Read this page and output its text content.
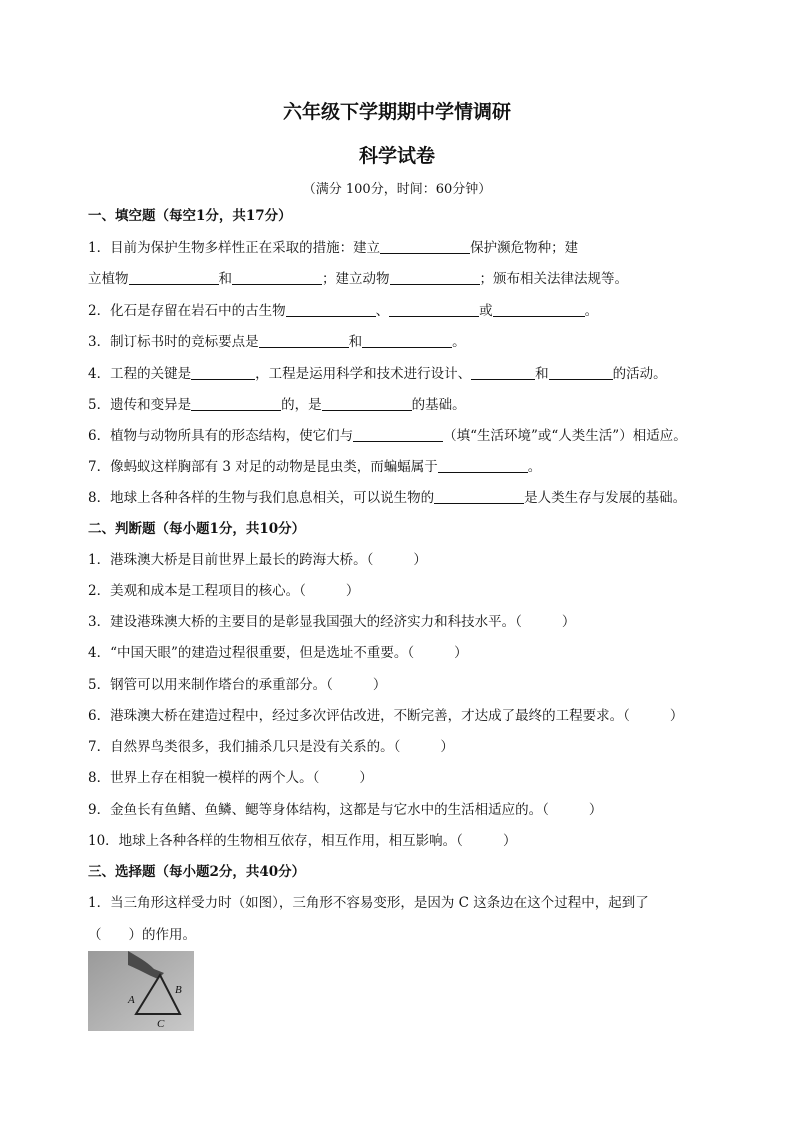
六年级下学期期中学情调研
科学试卷
（满分 100分，时间：60分钟）
一、填空题（每空1分，共17分）
1．目前为保护生物多样性正在采取的措施：建立	保护濒危物种；建
立植物	和	；建立动物	；颁布相关法律法规等。
2．化石是存留在岩石中的古生物	、	或	。
3．制订标书时的竞标要点是	和	。
4．工程的关键是	，工程是运用科学和技术进行设计、	和	的活动。
5．遗传和变异是	的，是	的基础。
6．植物与动物所具有的形态结构，使它们与	（填“生活环境”或“人类生活”）相适应。
7．像蚂蚁这样胸部有 3 对足的动物是昆虫类，而蝙蝠属于	。
8．地球上各种各样的生物与我们息息相关，可以说生物的	是人类生存与发展的基础。
二、判断题（每小题1分，共10分）
1．港珠澳大桥是目前世界上最长的跨海大桥。（	）
2．美观和成本是工程项目的核心。（	）
3．建设港珠澳大桥的主要目的是彰显我国强大的经济实力和科技水平。（	）
4．“中国天眼”的建造过程很重要，但是选址不重要。（	）
5．钢管可以用来制作塔台的承重部分。（	）
6．港珠澳大桥在建造过程中，经过多次评估改进，不断完善，才达成了最终的工程要求。（	）
7．自然界鸟类很多，我们捕杀几只是没有关系的。（	）
8．世界上存在相貌一模样的两个人。（	）
9．金鱼长有鱼鳍、鱼鳞、鳃等身体结构，这都是与它水中的生活相适应的。（	）
10．地球上各种各样的生物相互依存，相互作用，相互影响。（	）
三、选择题（每小题2分，共40分）
1．当三角形这样受力时（如图），三角形不容易变形，是因为 C 这条边在这个过程中，起到了
（　　）的作用。
A
B
C
